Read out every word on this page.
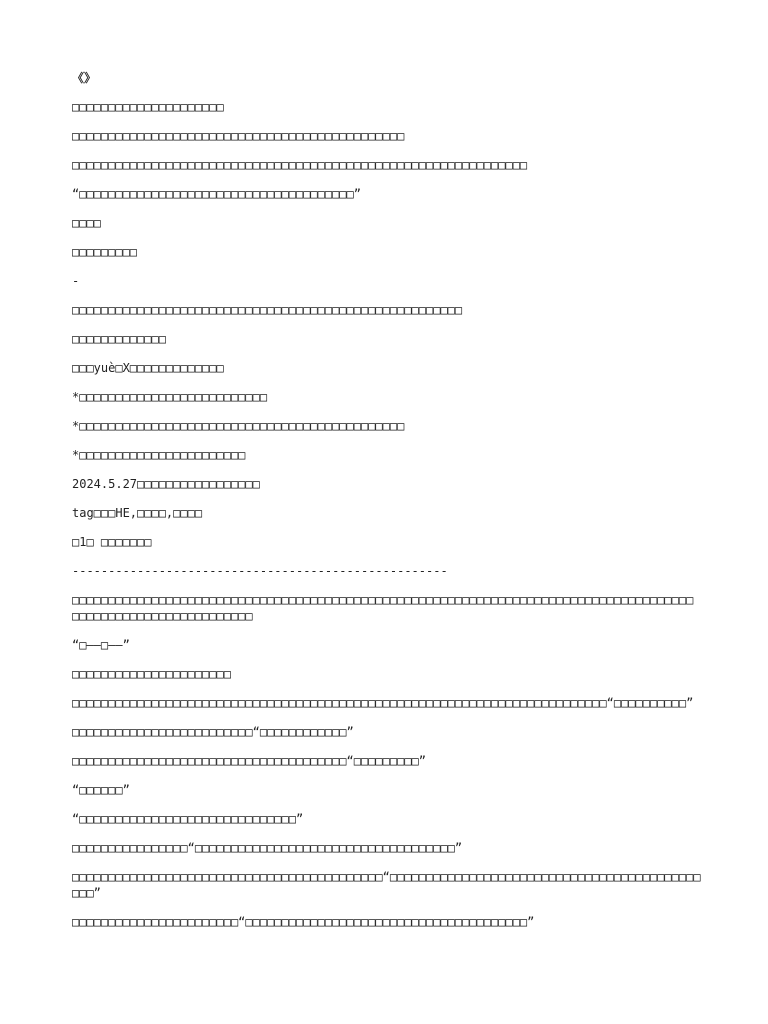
《》
□□□□□□□□□□□□□□□□□□□□□
□□□□□□□□□□□□□□□□□□□□□□□□□□□□□□□□□□□□□□□□□□□□□□
□□□□□□□□□□□□□□□□□□□□□□□□□□□□□□□□□□□□□□□□□□□□□□□□□□□□□□□□□□□□□□□
“□□□□□□□□□□□□□□□□□□□□□□□□□□□□□□□□□□□□□□”
□□□□
□□□□□□□□□
-
□□□□□□□□□□□□□□□□□□□□□□□□□□□□□□□□□□□□□□□□□□□□□□□□□□□□□□
□□□□□□□□□□□□□
□□□yuè□X□□□□□□□□□□□□□
*□□□□□□□□□□□□□□□□□□□□□□□□□□
*□□□□□□□□□□□□□□□□□□□□□□□□□□□□□□□□□□□□□□□□□□□□□
*□□□□□□□□□□□□□□□□□□□□□□□
2024.5.27□□□□□□□□□□□□□□□□□
tag□□□HE,□□□□,□□□□
□1□ □□□□□□□
----------------------------------------------------
□□□□□□□□□□□□□□□□□□□□□□□□□□□□□□□□□□□□□□□□□□□□□□□□□□□□□□□□□□□□□□□□□□□□□□□□□□□□□□□□□□□□□□□□□□□□□□□□□□□□□□□□□□□□□□□
“□——□——”
□□□□□□□□□□□□□□□□□□□□□□
□□□□□□□□□□□□□□□□□□□□□□□□□□□□□□□□□□□□□□□□□□□□□□□□□□□□□□□□□□□□□□□□□□□□□□□□□□“□□□□□□□□□□”
□□□□□□□□□□□□□□□□□□□□□□□□□“□□□□□□□□□□□□”
□□□□□□□□□□□□□□□□□□□□□□□□□□□□□□□□□□□□□□“□□□□□□□□□”
“□□□□□□”
“□□□□□□□□□□□□□□□□□□□□□□□□□□□□□□”
□□□□□□□□□□□□□□□□“□□□□□□□□□□□□□□□□□□□□□□□□□□□□□□□□□□□□”
□□□□□□□□□□□□□□□□□□□□□□□□□□□□□□□□□□□□□□□□□□□“□□□□□□□□□□□□□□□□□□□□□□□□□□□□□□□□□□□□□□□□□□□□□□”
□□□□□□□□□□□□□□□□□□□□□□□“□□□□□□□□□□□□□□□□□□□□□□□□□□□□□□□□□□□□□□□”
